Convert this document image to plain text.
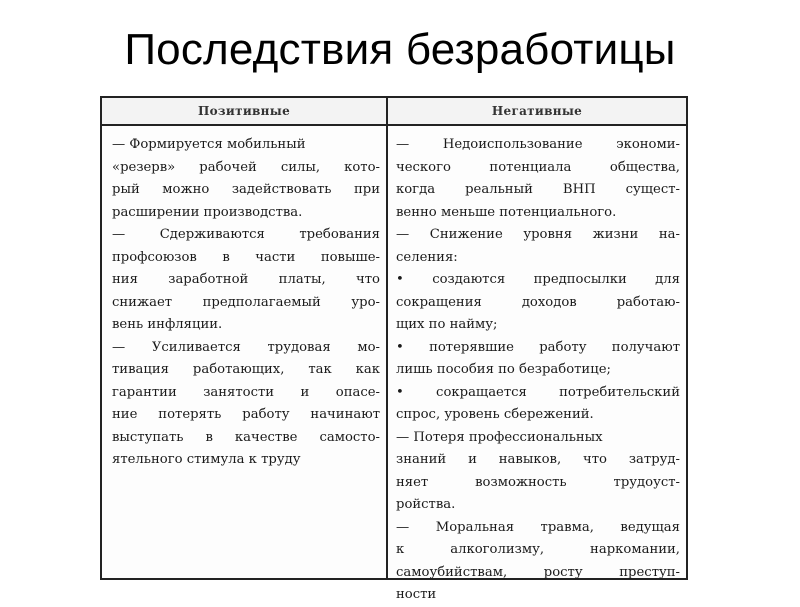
Последствия безработицы
Позитивные	Негативные
— Формируется мобильный
«резерв» рабочей силы, кото-
рый можно задействовать при
расширении производства.
— Сдерживаются требования
профсоюзов в части повыше-
ния заработной платы, что
снижает предполагаемый уро-
вень инфляции.
— Усиливается трудовая мо-
тивация работающих, так как
гарантии занятости и опасе-
ние потерять работу начинают
выступать в качестве самосто-
ятельного стимула к труду
— Недоиспользование экономи-
ческого потенциала общества,
когда реальный ВНП сущест-
венно меньше потенциального.
— Снижение уровня жизни на-
селения:
• создаются предпосылки для
сокращения доходов работаю-
щих по найму;
• потерявшие работу получают
лишь пособия по безработице;
• сокращается потребительский
спрос, уровень сбережений.
— Потеря профессиональных
знаний и навыков, что затруд-
няет возможность трудоуст-
ройства.
— Моральная травма, ведущая
к алкоголизму, наркомании,
самоубийствам, росту преступ-
ности
